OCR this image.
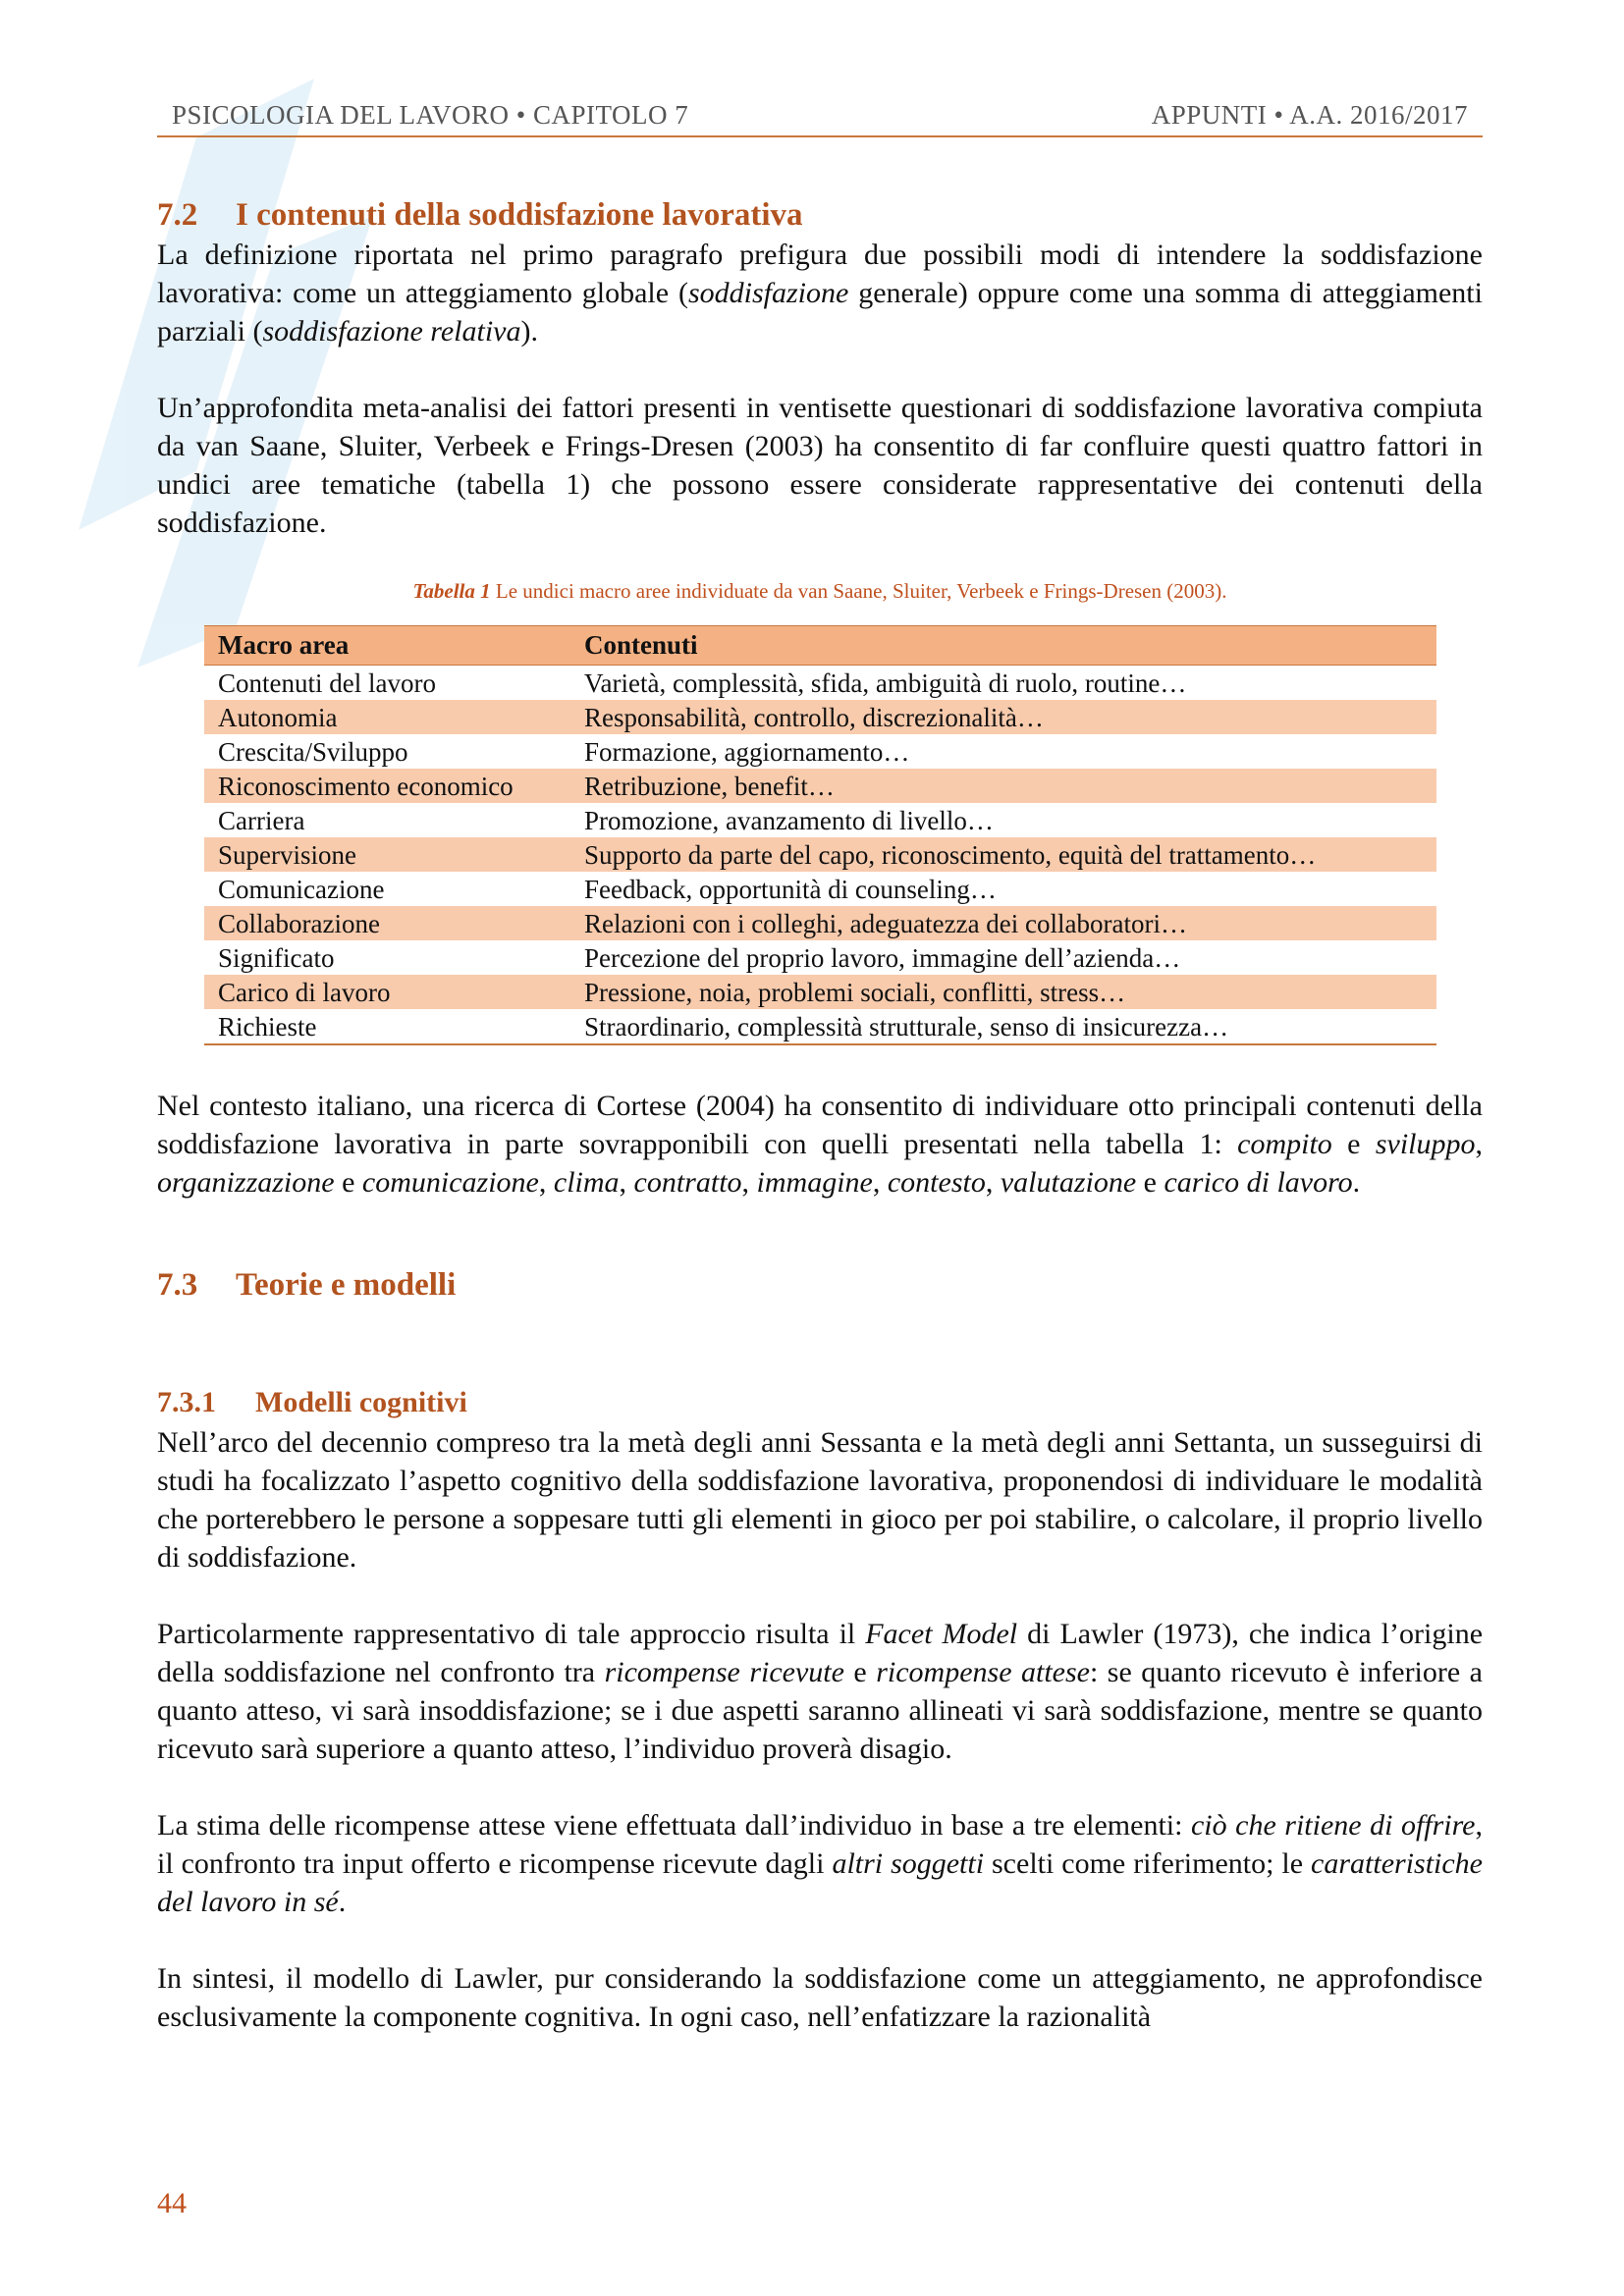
PSICOLOGIA DEL LAVORO • CAPITOLO 7	APPUNTI • A.A. 2016/2017
7.2 I contenuti della soddisfazione lavorativa

La definizione riportata nel primo paragrafo prefigura due possibili modi di intendere la soddisfazione lavorativa: come un atteggiamento globale (soddisfazione generale) oppure come una somma di atteggiamenti parziali (soddisfazione relativa).

Un’approfondita meta-analisi dei fattori presenti in ventisette questionari di soddisfazione lavorativa compiuta da van Saane, Sluiter, Verbeek e Frings-Dresen (2003) ha consentito di far confluire questi quattro fattori in undici aree tematiche (tabella 1) che possono essere considerate rappresentative dei contenuti della soddisfazione.

Tabella 1 Le undici macro aree individuate da van Saane, Sluiter, Verbeek e Frings-Dresen (2003).
Macro area	Contenuti
Contenuti del lavoro	Varietà, complessità, sfida, ambiguità di ruolo, routine…
Autonomia	Responsabilità, controllo, discrezionalità…
Crescita/Sviluppo	Formazione, aggiornamento…
Riconoscimento economico	Retribuzione, benefit…
Carriera	Promozione, avanzamento di livello…
Supervisione	Supporto da parte del capo, riconoscimento, equità del trattamento…
Comunicazione	Feedback, opportunità di counseling…
Collaborazione	Relazioni con i colleghi, adeguatezza dei collaboratori…
Significato	Percezione del proprio lavoro, immagine dell’azienda…
Carico di lavoro	Pressione, noia, problemi sociali, conflitti, stress…
Richieste	Straordinario, complessità strutturale, senso di insicurezza…

Nel contesto italiano, una ricerca di Cortese (2004) ha consentito di individuare otto principali contenuti della soddisfazione lavorativa in parte sovrapponibili con quelli presentati nella tabella 1: compito e sviluppo, organizzazione e comunicazione, clima, contratto, immagine, contesto, valutazione e carico di lavoro.

7.3 Teorie e modelli
7.3.1 Modelli cognitivi

Nell’arco del decennio compreso tra la metà degli anni Sessanta e la metà degli anni Settanta, un susseguirsi di studi ha focalizzato l’aspetto cognitivo della soddisfazione lavorativa, proponendosi di individuare le modalità che porterebbero le persone a soppesare tutti gli elementi in gioco per poi stabilire, o calcolare, il proprio livello di soddisfazione.

Particolarmente rappresentativo di tale approccio risulta il Facet Model di Lawler (1973), che indica l’origine della soddisfazione nel confronto tra ricompense ricevute e ricompense attese: se quanto ricevuto è inferiore a quanto atteso, vi sarà insoddisfazione; se i due aspetti saranno allineati vi sarà soddisfazione, mentre se quanto ricevuto sarà superiore a quanto atteso, l’individuo proverà disagio.

La stima delle ricompense attese viene effettuata dall’individuo in base a tre elementi: ciò che ritiene di offrire, il confronto tra input offerto e ricompense ricevute dagli altri soggetti scelti come riferimento; le caratteristiche del lavoro in sé.

In sintesi, il modello di Lawler, pur considerando la soddisfazione come un atteggiamento, ne approfondisce esclusivamente la componente cognitiva. In ogni caso, nell’enfatizzare la razionalità

44
